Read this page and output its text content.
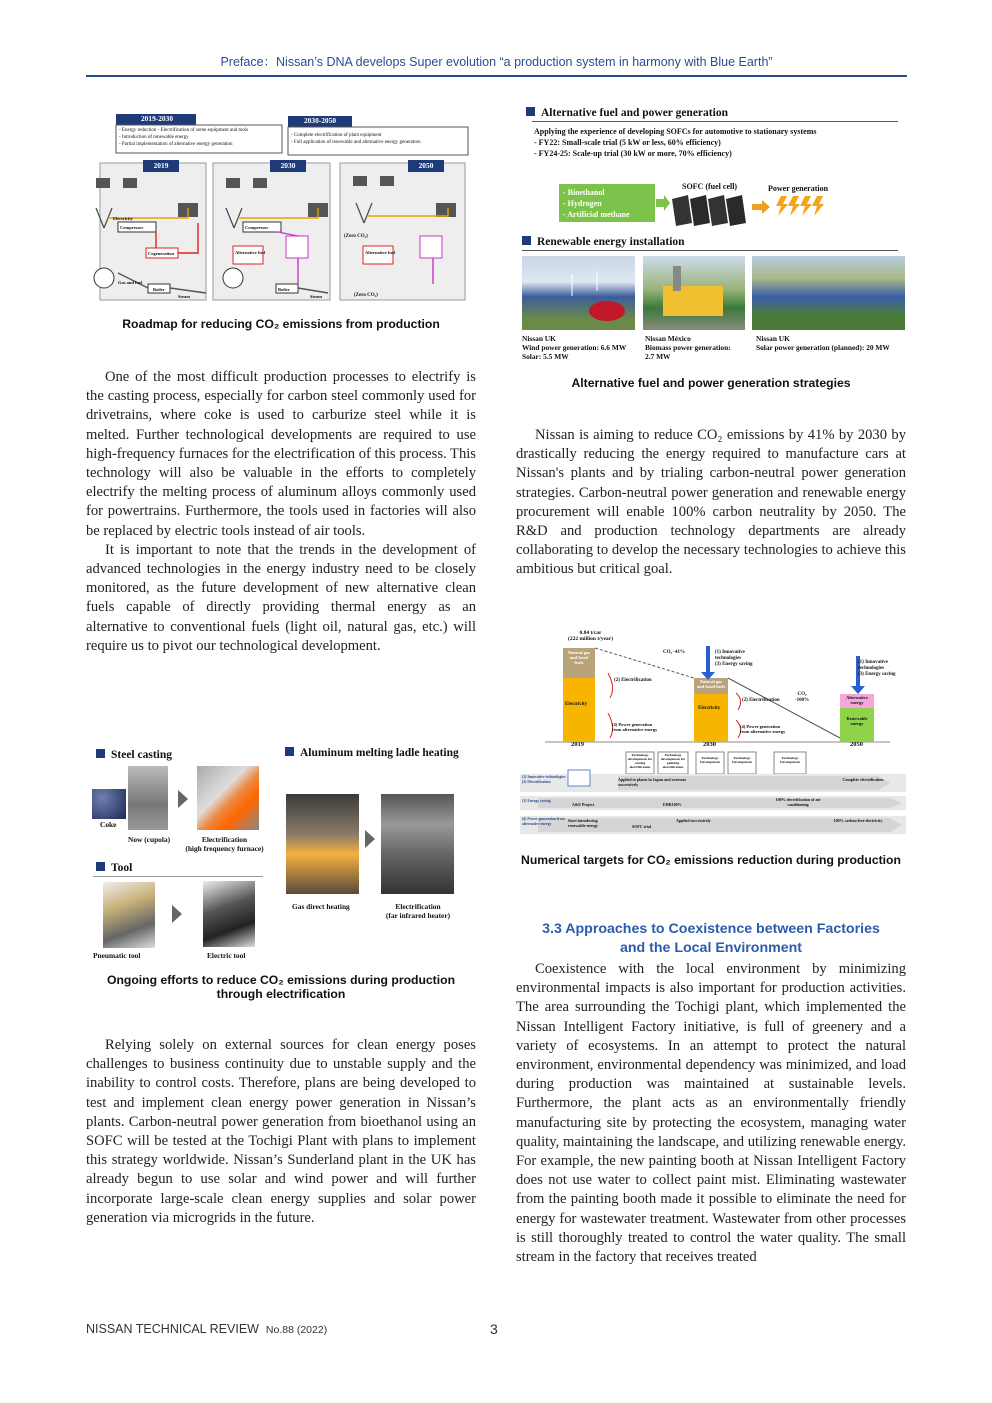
Preface：Nissan’s DNA develops Super evolution “a production system in harmony with Blue Earth”
2019-2030	2030-2050
- Energy reduction - Electrification of some equipment and tools
- Introduction of renewable energy
- Partial implementation of alternative energy generation
- Complete electrification of plant equipment
- Full application of renewable and alternative energy generation
2019	2030	2050
Electricity
Compressor	Compressor
Cogeneration
Gas and fuel
Boiler	Boiler
Steam	Steam
Alternative fuel	Alternative fuel
(Zero CO₂)
(Zero CO₂)
Roadmap for reducing CO₂ emissions from production

One of the most difficult production processes to electrify is the casting process, especially for carbon steel commonly used for drivetrains, where coke is used to carburize steel while it is melted. Further technological developments are required to use high-frequency furnaces for the electrification of this process. This technology will also be valuable in the efforts to completely electrify the melting process of aluminum alloys commonly used for powertrains. Furthermore, the tools used in factories will also be replaced by electric tools instead of air tools.

It is important to note that the trends in the development of advanced technologies in the energy industry need to be closely monitored, as the future development of new alternative clean fuels capable of directly providing thermal energy as an alternative to conventional fuels (light oil, natural gas, etc.) will require us to pivot our technological development.

Steel casting	Aluminum melting ladle heating
Coke
Now (cupola)	Electrification
(high frequency furnace)
Tool
Pneumatic tool	Electric tool
Gas direct heating	Electrification
(far infrared heater)
Ongoing efforts to reduce CO₂ emissions during production through electrification

Relying solely on external sources for clean energy poses challenges to business continuity due to unstable supply and the inability to control costs. Therefore, plans are being developed to test and implement clean energy power generation in Nissan’s plants. Carbon-neutral power generation from bioethanol using an SOFC will be tested at the Tochigi Plant with plans to implement this strategy worldwide. Nissan’s Sunderland plant in the UK has already begun to use solar and wind power and will further incorporate large-scale clean energy supplies and solar power generation via microgrids in the future.

Alternative fuel and power generation
Applying the experience of developing SOFCs for automotive to stationary systems
- FY22: Small-scale trial (5 kW or less, 60% efficiency)
- FY24-25: Scale-up trial (30 kW or more, 70% efficiency)
- Bioethanol
- Hydrogen
- Artificial methane
SOFC (fuel cell)	Power generation
Renewable energy installation
Nissan UK
Wind power generation: 6.6 MW
Solar: 5.5 MW
Nissan México
Biomass power generation:
2.7 MW
Nissan UK
Solar power generation (planned): 20 MW
Alternative fuel and power generation strategies

Nissan is aiming to reduce CO₂ emissions by 41% by 2030 by drastically reducing the energy required to manufacture cars at Nissan's plants and by trialing carbon-neutral power generation strategies. Carbon-neutral power generation and renewable energy procurement will enable 100% carbon neutrality by 2050. The R&D and production technology departments are already collaborating to develop the necessary technologies to achieve this ambitious but critical goal.

0.84 t/car
(222 million t/year)
Natural gas and fossil fuels
Electricity
Natural gas and fossil fuels
Electricity
Alternative energy
Renewable energy
CO₂ -41%
CO₂ -100%
(2) Electrification
(2) Electrification
(1) Innovative technologies
(3) Energy saving	(1) Innovative technologies
(3) Energy saving
(4) Power generation from alternative energy
(4) Power generation from alternative energy
2019	2030	2050
Technology development for casting electrification
Technology development for painting electrification
Technology Development
Technology Development
Technology Development
(1) Innovative technologies (2) Electrification
(3) Energy saving
(4) Power generation from alternative energy
Applied to plants in Japan and overseas successively
Complete electrification
A&E Project	EHR100%
100% electrification of air conditioning
Start introducing renewable energy	SOFC trial
Applied successively	100% carbon-free electricity
Numerical targets for CO₂ emissions reduction during production
3.3 Approaches to Coexistence between Factories
and the Local Environment

Coexistence with the local environment by minimizing environmental impacts is also important for production activities. The area surrounding the Tochigi plant, which implemented the Nissan Intelligent Factory initiative, is full of greenery and a variety of ecosystems. In an attempt to protect the natural environment, environmental dependency was minimized, and load during production was maintained at sustainable levels. Furthermore, the plant acts as an environmentally friendly manufacturing site by protecting the ecosystem, managing water quality, maintaining the landscape, and utilizing renewable energy. For example, the new painting booth at Nissan Intelligent Factory does not use water to collect paint mist. Eliminating wastewater from the painting booth made it possible to eliminate the need for energy for wastewater treatment. Wastewater from other processes is still thoroughly treated to control the water quality. The small stream in the factory that receives treated

NISSAN TECHNICAL REVIEW No.88 (2022)	3
